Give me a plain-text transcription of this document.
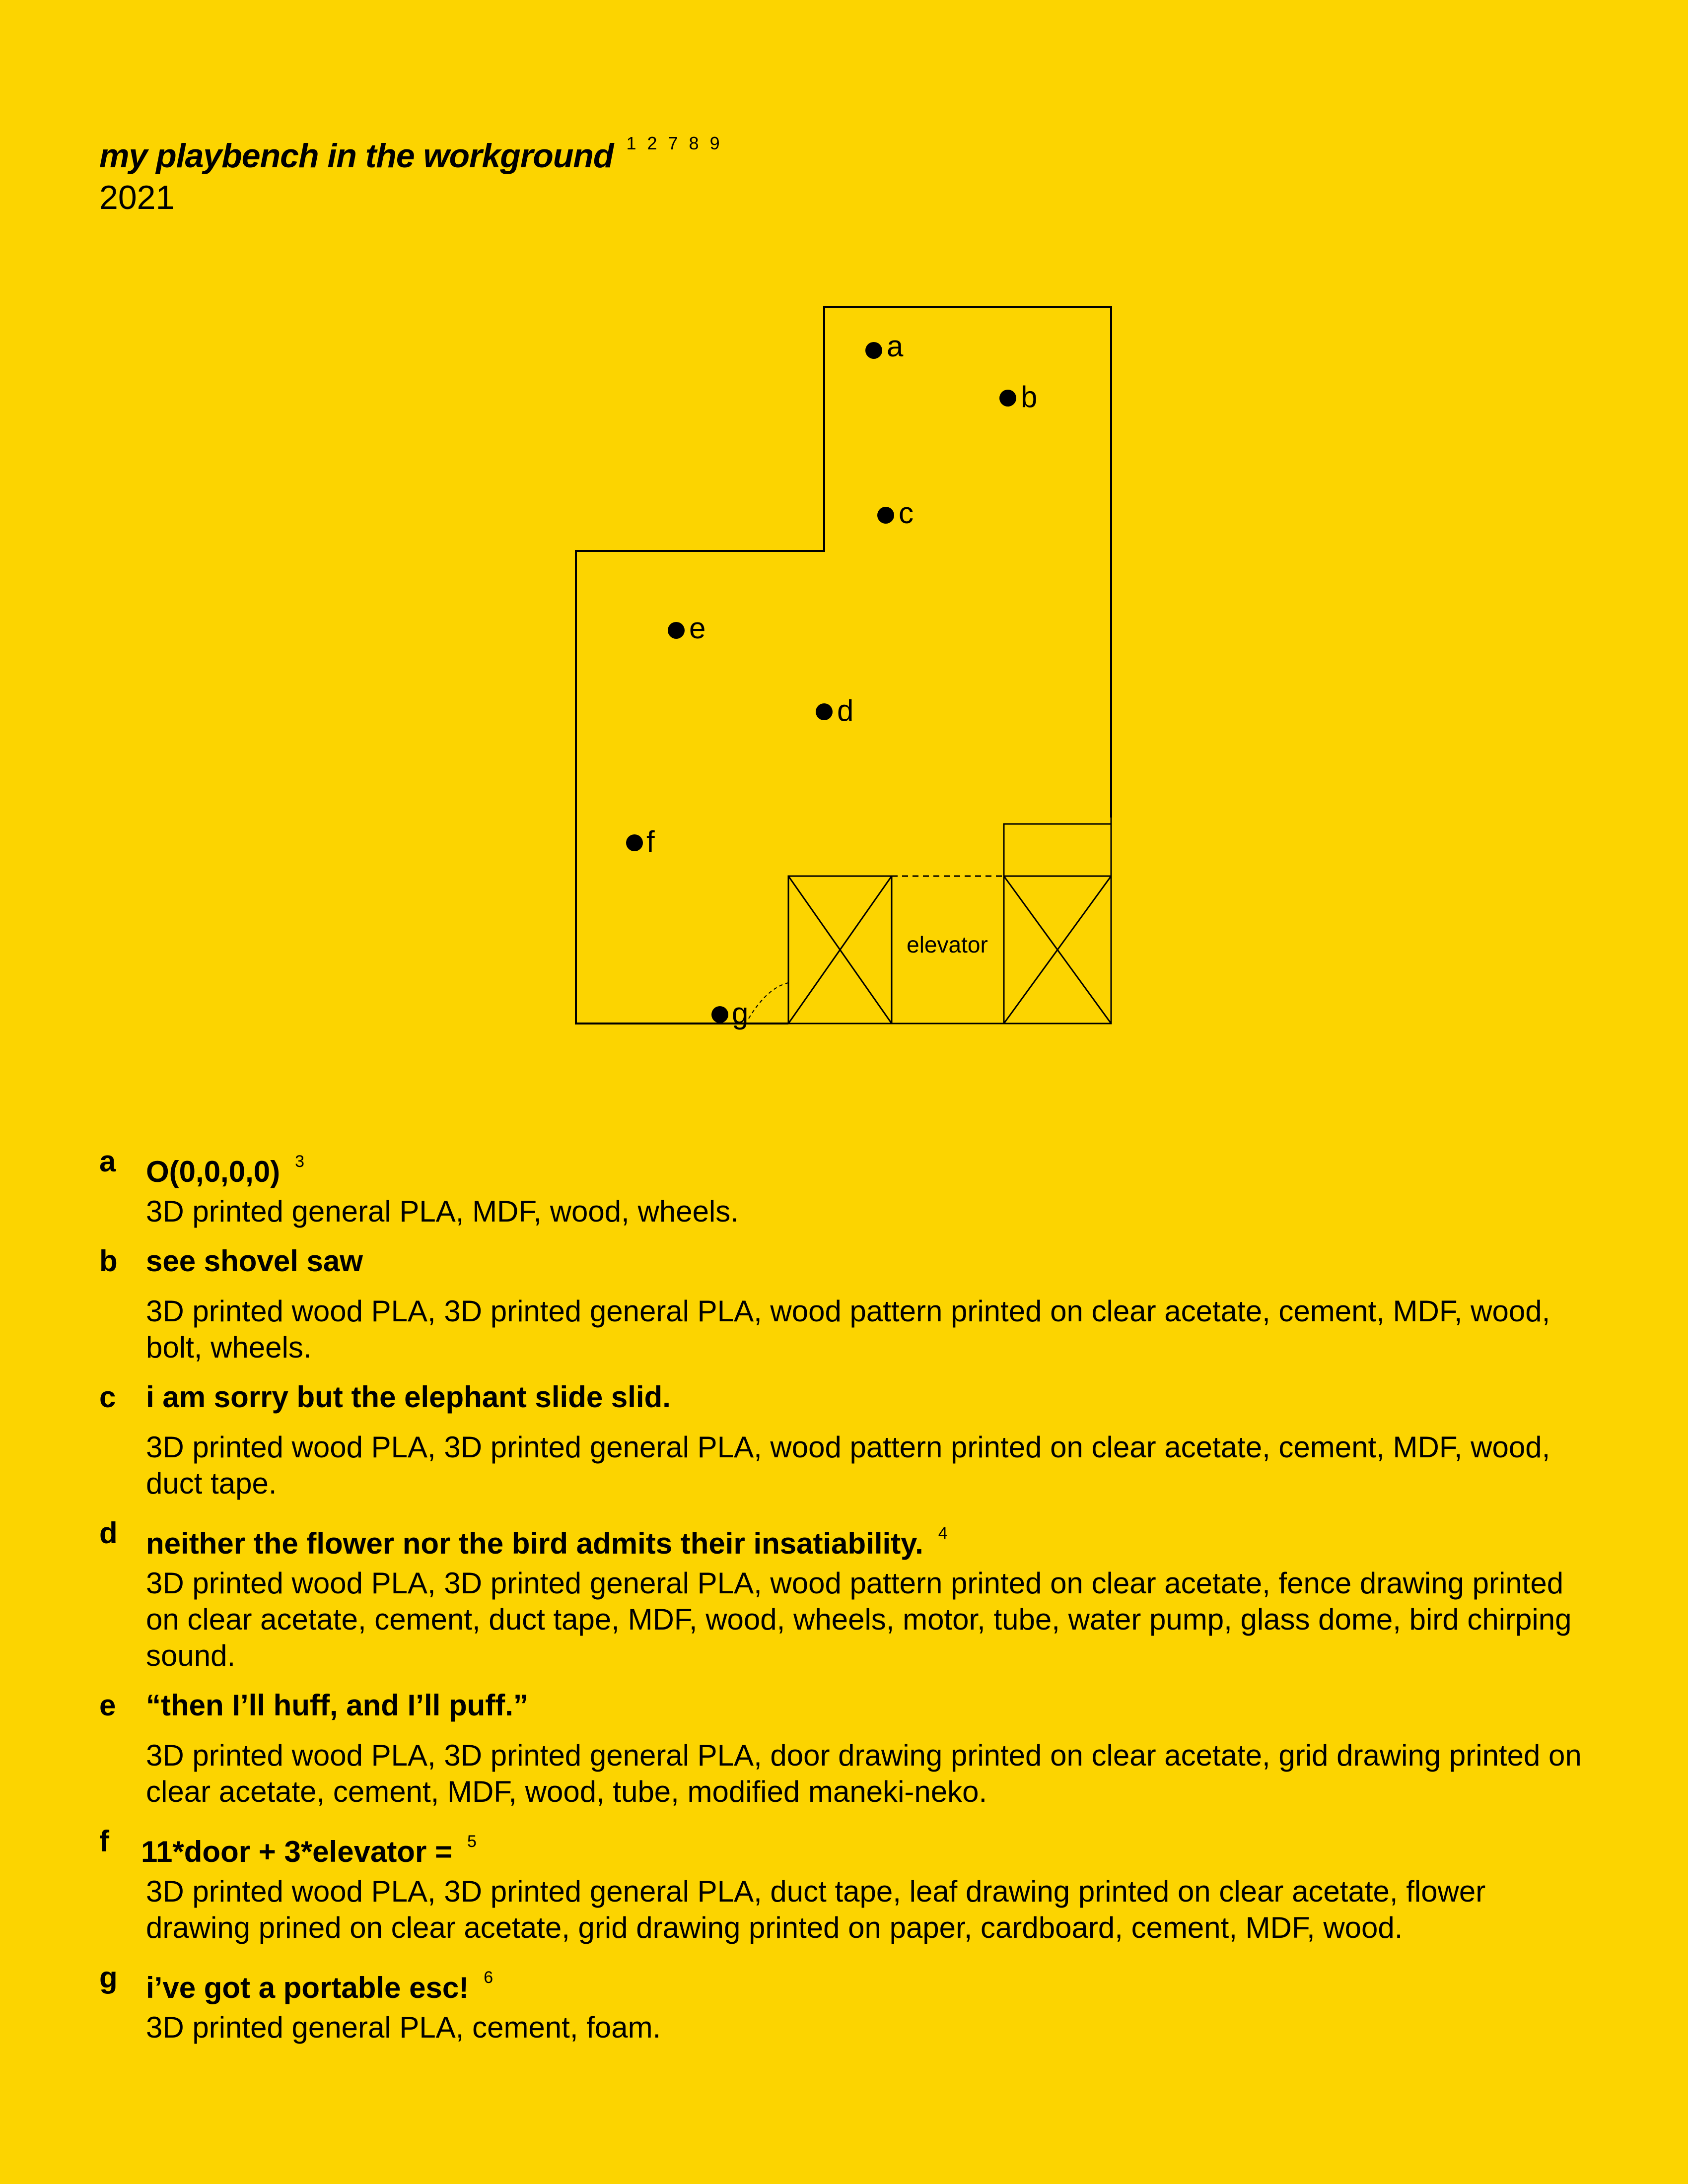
my playbench in the workground 1 2 7 8 9
2021
elevator
a
b
c
d
e
f
g
a O(0,0,0,0) $^3$
3D printed general PLA, MDF, wood, wheels.
b see shovel saw
3D printed wood PLA, 3D printed general PLA, wood pattern printed on clear acetate, cement, MDF, wood, bolt, wheels.
c i am sorry but the elephant slide slid.
3D printed wood PLA, 3D printed general PLA, wood pattern printed on clear acetate, cement, MDF, wood, duct tape.
d neither the flower nor the bird admits their insatiability. $^4$
3D printed wood PLA, 3D printed general PLA, wood pattern printed on clear acetate, fence drawing printed on clear acetate, cement, duct tape, MDF, wood, wheels, motor, tube, water pump, glass dome, bird chirping sound.
e “then I’ll huff, and I’ll puff.”
3D printed wood PLA, 3D printed general PLA, door drawing printed on clear acetate, grid drawing printed on clear acetate, cement, MDF, wood, tube, modified maneki-neko.
f 11*door + 3*elevator = $^5$
3D printed wood PLA, 3D printed general PLA, duct tape, leaf drawing printed on clear acetate, flower drawing prined on clear acetate, grid drawing printed on paper, cardboard, cement, MDF, wood.
g i’ve got a portable esc! $^6$
3D printed general PLA, cement, foam.
